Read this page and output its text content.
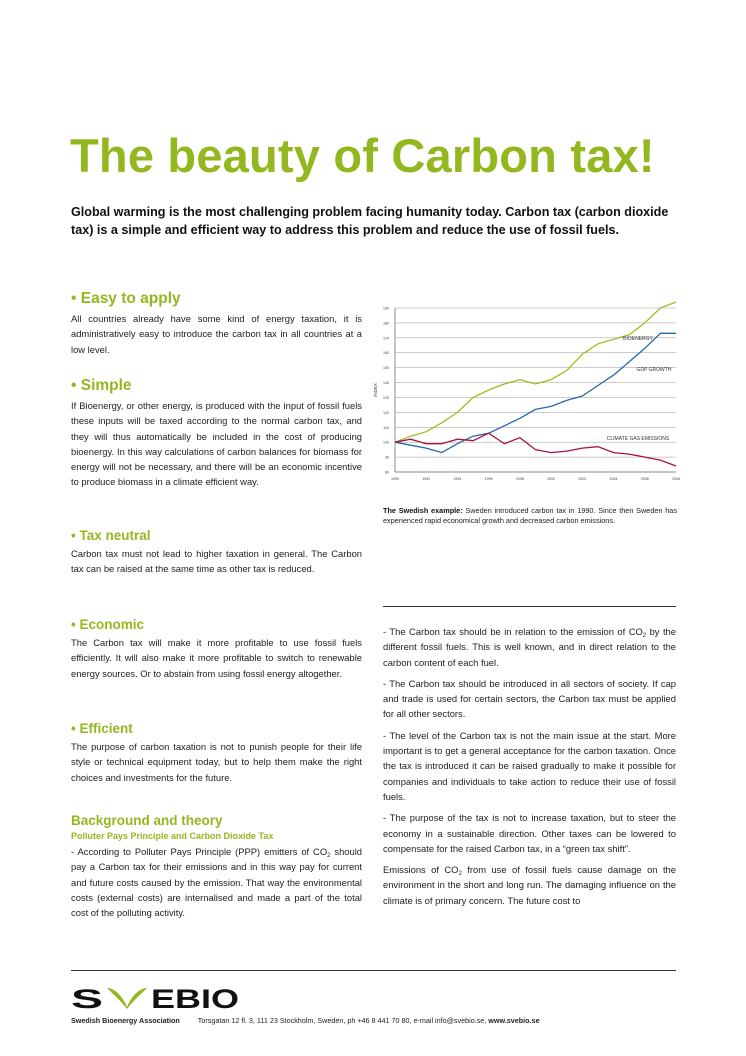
The beauty of Carbon tax!

Global warming is the most challenging problem facing humanity today. Carbon tax (carbon dioxide tax) is a simple and efficient way to address this problem and reduce the use of fossil fuels.

• Easy to apply

All countries already have some kind of energy taxation, it is administratively easy to introduce the carbon tax in all countries at a low level.

• Simple

If Bioenergy, or other energy, is produced with the input of fossil fuels these inputs will be taxed according to the normal carbon tax, and they will thus automatically be included in the cost of producing bioenergy. In this way calculations of carbon balances for biomass for energy will not be necessary, and there will be an economic incentive to produce biomass in a climate efficient way.

• Tax neutral

Carbon tax must not lead to higher taxation in general. The Carbon tax can be raised at the same time as other tax is reduced.

• Economic

The Carbon tax will make it more profitable to use fossil fuels efficiently. It will also make it more profitable to switch to renewable energy sources. Or to abstain from using fossil energy altogether.

• Efficient

The purpose of carbon taxation is not to punish people for their life style or technical equipment today, but to help them make the right choices and investments for the future.

Background and theory
Polluter Pays Principle and Carbon Dioxide Tax

- According to Polluter Pays Principle (PPP) emitters of $CO_2$ should pay a Carbon tax for their emissions and in this way pay for current and future costs caused by the emission. That way the environmental costs (external costs) are internalised and made a part of the total cost of the polluting activity.

80
90
100
110
120
130
140
150
160
170
180
190
1990	1992	1994	1996	1998	2000	2002	2004	2006	2008
INDEX
BIOENERGY
GDP GROWTH
CLIMATE GAS EMISSIONS

The Swedish example: Sweden introduced carbon tax in 1990. Since then Sweden has experienced rapid economical growth and decreased carbon emissions.

- The Carbon tax should be in relation to the emission of $CO_2$ by the different fossil fuels. This is well known, and in direct relation to the carbon content of each fuel.

- The Carbon tax should be introduced in all sectors of society. If cap and trade is used for certain sectors, the Carbon tax must be applied for all other sectors.

- The level of the Carbon tax is not the main issue at the start. More important is to get a general acceptance for the carbon taxation. Once the tax is introduced it can be raised gradually to make it possible for companies and individuals to take action to reduce their use of fossil fuels.

- The purpose of the tax is not to increase taxation, but to steer the economy in a sustainable direction. Other taxes can be lowered to compensate for the raised Carbon tax, in a “green tax shift”.

Emissions of $CO_2$ from use of fossil fuels cause damage on the environment in the short and long run. The damaging influence on the climate is of primary concern. The future cost to

S EBIO
Swedish Bioenergy Association	Torsgatan 12 fl. 3, 111 23 Stockholm, Sweden, ph +46 8 441 70 80, e-mail info@svebio.se, www.svebio.se
